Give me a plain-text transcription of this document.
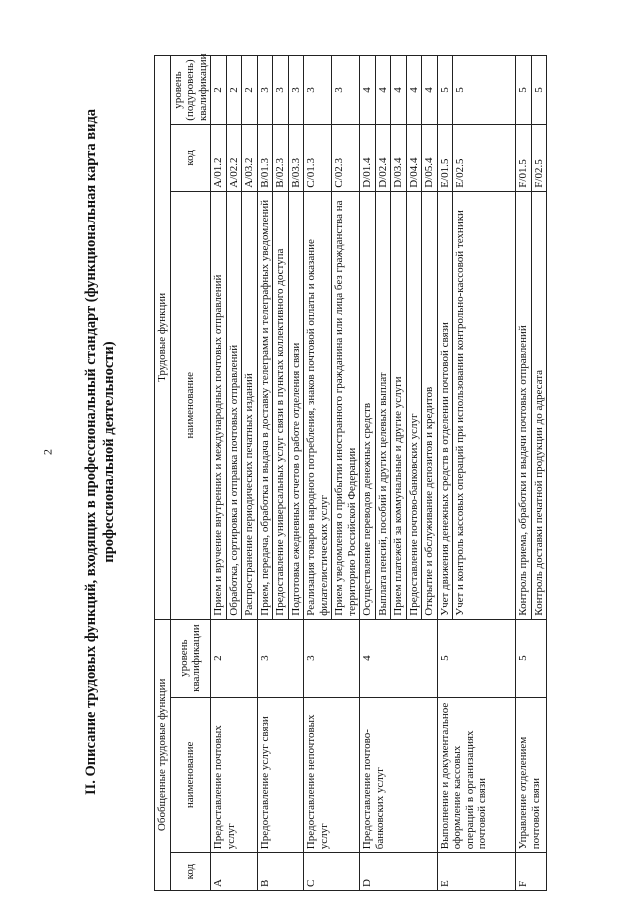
2 II. Описание трудовых функций, входящих в профессиональный стандарт (функциональная карта вида профессиональной деятельности)
Обобщенные трудовые функции			Трудовые функции		
код	наименование	уровень квалификации	наименование	код	уровень (подуровень) квалификации
A	Предоставление почтовых услуг	2	Прием и вручение внутренних и международных почтовых отправлений	A/01.2	2
			Обработка, сортировка и отправка почтовых отправлений	A/02.2	2
			Распространение периодических печатных изданий	A/03.2	2
B	Предоставление услуг связи	3	Прием, передача, обработка и выдача в доставку телеграмм и телеграфных уведомлений	B/01.3	3
			Предоставление универсальных услуг связи в пунктах коллективного доступа	B/02.3	3
			Подготовка ежедневных отчетов о работе отделения связи	B/03.3	3
C	Предоставление непочтовых услуг	3	Реализация товаров народного потребления, знаков почтовой оплаты и оказание филателистических услуг	C/01.3	3
			Прием уведомления о прибытии иностранного гражданина или лица без гражданства на территорию Российской Федерации	C/02.3	3
D	Предоставление почтово-банковских услуг	4	Осуществление переводов денежных средств	D/01.4	4
			Выплата пенсий, пособий и других целевых выплат	D/02.4	4
			Прием платежей за коммунальные и другие услуги	D/03.4	4
			Предоставление почтово-банковских услуг	D/04.4	4
			Открытие и обслуживание депозитов и кредитов	D/05.4	4
E	Выполнение и документальное оформление кассовых операций в организациях почтовой связи	5	Учет движения денежных средств в отделении почтовой связи	E/01.5	5
			Учет и контроль кассовых операций при использовании контрольно-кассовой техники	E/02.5	5
F	Управление отделением почтовой связи	5	Контроль приема, обработки и выдачи почтовых отправлений	F/01.5	5
			Контроль доставки печатной продукции до адресата	F/02.5	5
